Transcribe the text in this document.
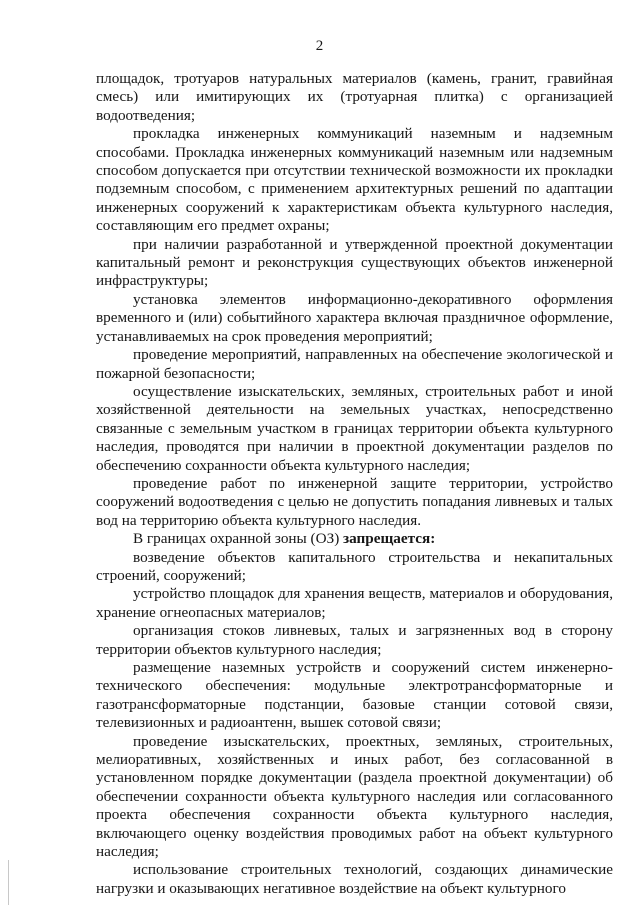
2

площадок, тротуаров натуральных материалов (камень, гранит, гравийная смесь) или имитирующих их (тротуарная плитка) с организацией водоотведения;

прокладка инженерных коммуникаций наземным и надземным способами. Прокладка инженерных коммуникаций наземным или надземным способом допускается при отсутствии технической возможности их прокладки подземным способом, с применением архитектурных решений по адаптации инженерных сооружений к характеристикам объекта культурного наследия, составляющим его предмет охраны;

при наличии разработанной и утвержденной проектной документации капитальный ремонт и реконструкция существующих объектов инженерной инфраструктуры;

установка элементов информационно-декоративного оформления временного и (или) событийного характера включая праздничное оформление, устанавливаемых на срок проведения мероприятий;

проведение мероприятий, направленных на обеспечение экологической и пожарной безопасности;

осуществление изыскательских, земляных, строительных работ и иной хозяйственной деятельности на земельных участках, непосредственно связанные с земельным участком в границах территории объекта культурного наследия, проводятся при наличии в проектной документации разделов по обеспечению сохранности объекта культурного наследия;

проведение работ по инженерной защите территории, устройство сооружений водоотведения с целью не допустить попадания ливневых и талых вод на территорию объекта культурного наследия.

В границах охранной зоны (ОЗ) запрещается:

возведение объектов капитального строительства и некапитальных строений, сооружений;

устройство площадок для хранения веществ, материалов и оборудования, хранение огнеопасных материалов;

организация стоков ливневых, талых и загрязненных вод в сторону территории объектов культурного наследия;

размещение наземных устройств и сооружений систем инженерно-технического обеспечения: модульные электротрансформаторные и газотрансформаторные подстанции, базовые станции сотовой связи, телевизионных и радиоантенн, вышек сотовой связи;

проведение изыскательских, проектных, земляных, строительных, мелиоративных, хозяйственных и иных работ, без согласованной в установленном порядке документации (раздела проектной документации) об обеспечении сохранности объекта культурного наследия или согласованного проекта обеспечения сохранности объекта культурного наследия, включающего оценку воздействия проводимых работ на объект культурного наследия;

использование строительных технологий, создающих динамические нагрузки и оказывающих негативное воздействие на объект культурного
